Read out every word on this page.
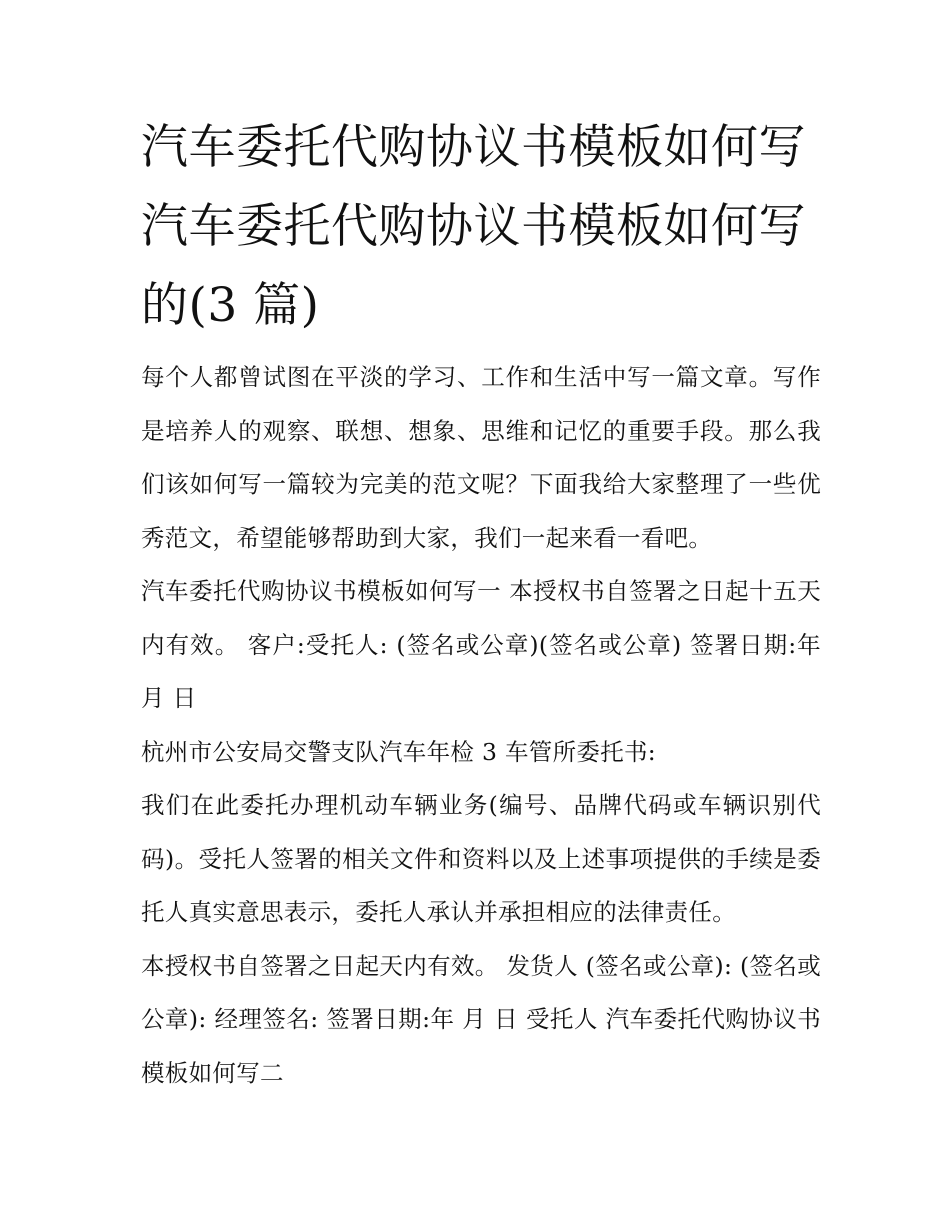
汽车委托代购协议书模板如何写 汽车委托代购协议书模板如何写的(3 篇)

每个人都曾试图在平淡的学习、工作和生活中写一篇文章。写作是培养人的观察、联想、想象、思维和记忆的重要手段。那么我们该如何写一篇较为完美的范文呢？下面我给大家整理了一些优秀范文，希望能够帮助到大家，我们一起来看一看吧。

汽车委托代购协议书模板如何写一 本授权书自签署之日起十五天内有效。 客户:受托人: (签名或公章)(签名或公章) 签署日期:年 月 日

杭州市公安局交警支队汽车年检 3 车管所委托书:

我们在此委托办理机动车辆业务(编号、品牌代码或车辆识别代码)。受托人签署的相关文件和资料以及上述事项提供的手续是委托人真实意思表示，委托人承认并承担相应的法律责任。

本授权书自签署之日起天内有效。 发货人 (签名或公章): (签名或公章): 经理签名: 签署日期:年 月 日 受托人 汽车委托代购协议书模板如何写二
